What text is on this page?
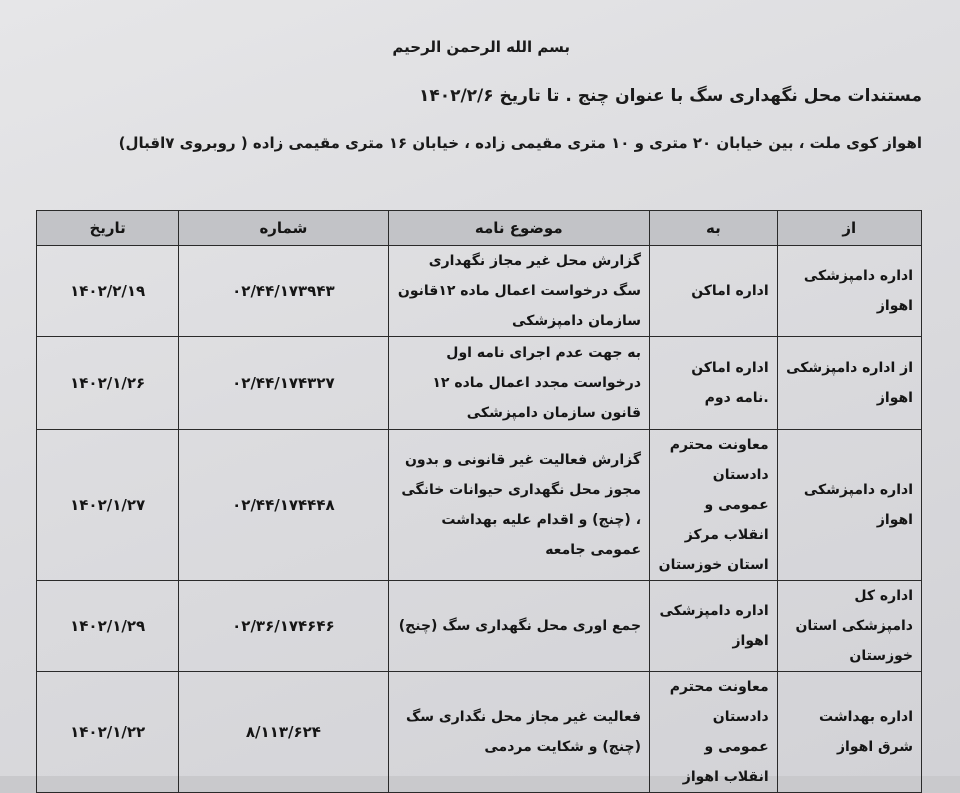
بسم الله الرحمن الرحیم
مستندات محل نگهداری سگ با عنوان چنج . تا تاریخ ۱۴۰۲/۲/۶
اهواز کوی ملت ، بین خیابان ۲۰ متری و ۱۰ متری مقیمی زاده ، خیابان ۱۶ متری مقیمی زاده ( روبروی ۷اقبال)
از	به	موضوع نامه	شماره	تاریخ
اداره دامپزشکی اهواز	اداره اماکن	گزارش محل غیر مجاز نگهداری سگ درخواست اعمال ماده ۱۲قانون سازمان دامپزشکی	۰۲/۴۴/۱۷۳۹۴۳	۱۴۰۲/۲/۱۹
از اداره دامپزشکی اهواز	اداره اماکن .نامه دوم	به جهت عدم اجرای نامه اول درخواست مجدد اعمال ماده ۱۲ قانون سازمان دامپزشکی	۰۲/۴۴/۱۷۴۳۲۷	۱۴۰۲/۱/۲۶
اداره دامپزشکی اهواز	معاونت محترم دادستان عمومی و انقلاب مرکز استان خوزستان	گزارش فعالیت غیر قانونی و بدون مجوز محل نگهداری حیوانات خانگی ، (چنج) و اقدام علیه بهداشت عمومی جامعه	۰۲/۴۴/۱۷۴۴۴۸	۱۴۰۲/۱/۲۷
اداره کل دامپزشکی استان خوزستان	اداره دامپزشکی اهواز	جمع اوری محل نگهداری سگ (چنج)	۰۲/۳۶/۱۷۴۶۴۶	۱۴۰۲/۱/۲۹
اداره بهداشت شرق اهواز	معاونت محترم دادستان عمومی و انقلاب اهواز	فعالیت غیر مجاز محل نگداری سگ (چنج) و شکایت مردمی	۸/۱۱۳/۶۲۴	۱۴۰۲/۱/۲۲
